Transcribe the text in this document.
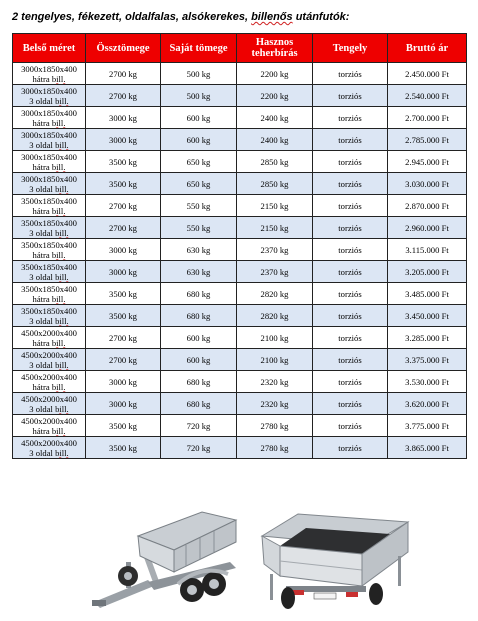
2 tengelyes, fékezett, oldalfalas, alsókerekes, billenős utánfutók:
Belső méret	Össztömege	Saját tömege	Hasznos teherbírás	Tengely	Bruttó ár

3000x1850x400
hátra bill.	2700 kg	500 kg	2200 kg	torziós	2.450.000 Ft

3000x1850x400
3 oldal bill.	2700 kg	500 kg	2200 kg	torziós	2.540.000 Ft

3000x1850x400
hátra bill.	3000 kg	600 kg	2400 kg	torziós	2.700.000 Ft

3000x1850x400
3 oldal bill.	3000 kg	600 kg	2400 kg	torziós	2.785.000 Ft

3000x1850x400
hátra bill.	3500 kg	650 kg	2850 kg	torziós	2.945.000 Ft

3000x1850x400
3 oldal bill.	3500 kg	650 kg	2850 kg	torziós	3.030.000 Ft

3500x1850x400
hátra bill.	2700 kg	550 kg	2150 kg	torziós	2.870.000 Ft

3500x1850x400
3 oldal bill.	2700 kg	550 kg	2150 kg	torziós	2.960.000 Ft

3500x1850x400
hátra bill.	3000 kg	630 kg	2370 kg	torziós	3.115.000 Ft

3500x1850x400
3 oldal bill.	3000 kg	630 kg	2370 kg	torziós	3.205.000 Ft

3500x1850x400
hátra bill.	3500 kg	680 kg	2820 kg	torziós	3.485.000 Ft

3500x1850x400
3 oldal bill.	3500 kg	680 kg	2820 kg	torziós	3.450.000 Ft

4500x2000x400
hátra bill.	2700 kg	600 kg	2100 kg	torziós	3.285.000 Ft

4500x2000x400
3 oldal bill.	2700 kg	600 kg	2100 kg	torziós	3.375.000 Ft

4500x2000x400
hátra bill.	3000 kg	680 kg	2320 kg	torziós	3.530.000 Ft

4500x2000x400
3 oldal bill.	3000 kg	680 kg	2320 kg	torziós	3.620.000 Ft

4500x2000x400
hátra bill.	3500 kg	720 kg	2780 kg	torziós	3.775.000 Ft

4500x2000x400
3 oldal bill.	3500 kg	720 kg	2780 kg	torziós	3.865.000 Ft
